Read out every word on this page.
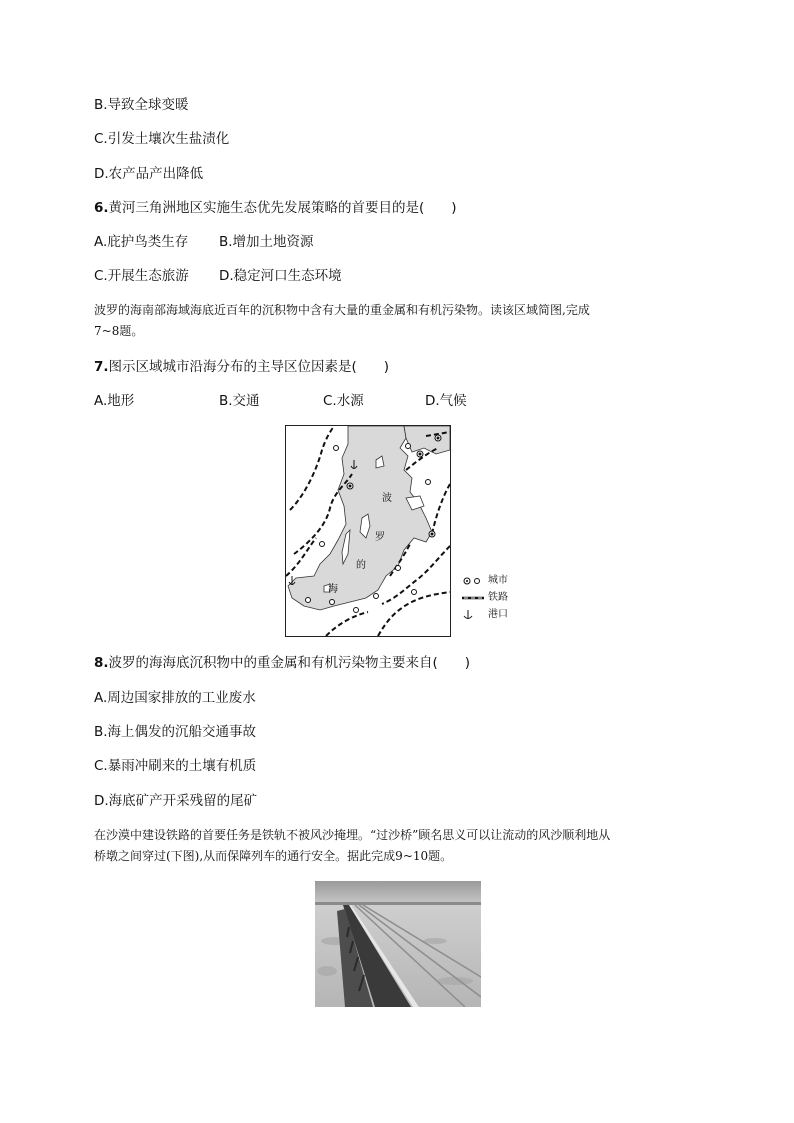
B.导致全球变暖
C.引发土壤次生盐渍化
D.农产品产出降低
6.黄河三角洲地区实施生态优先发展策略的首要目的是(　　)
A.庇护鸟类生存 B.增加土地资源
C.开展生态旅游 D.稳定河口生态环境
波罗的海南部海域海底近百年的沉积物中含有大量的重金属和有机污染物。读该区域简图,完成
7~8题。
7.图示区域城市沿海分布的主导区位因素是(　　)
A.地形	B.交通	C.水源	D.气候
波
罗
的
海
城市
铁路
港口
8.波罗的海海底沉积物中的重金属和有机污染物主要来自(　　)
A.周边国家排放的工业废水
B.海上偶发的沉船交通事故
C.暴雨冲刷来的土壤有机质
D.海底矿产开采残留的尾矿
在沙漠中建设铁路的首要任务是铁轨不被风沙掩埋。“过沙桥”顾名思义可以让流动的风沙顺利地从
桥墩之间穿过(下图),从而保障列车的通行安全。据此完成9~10题。
